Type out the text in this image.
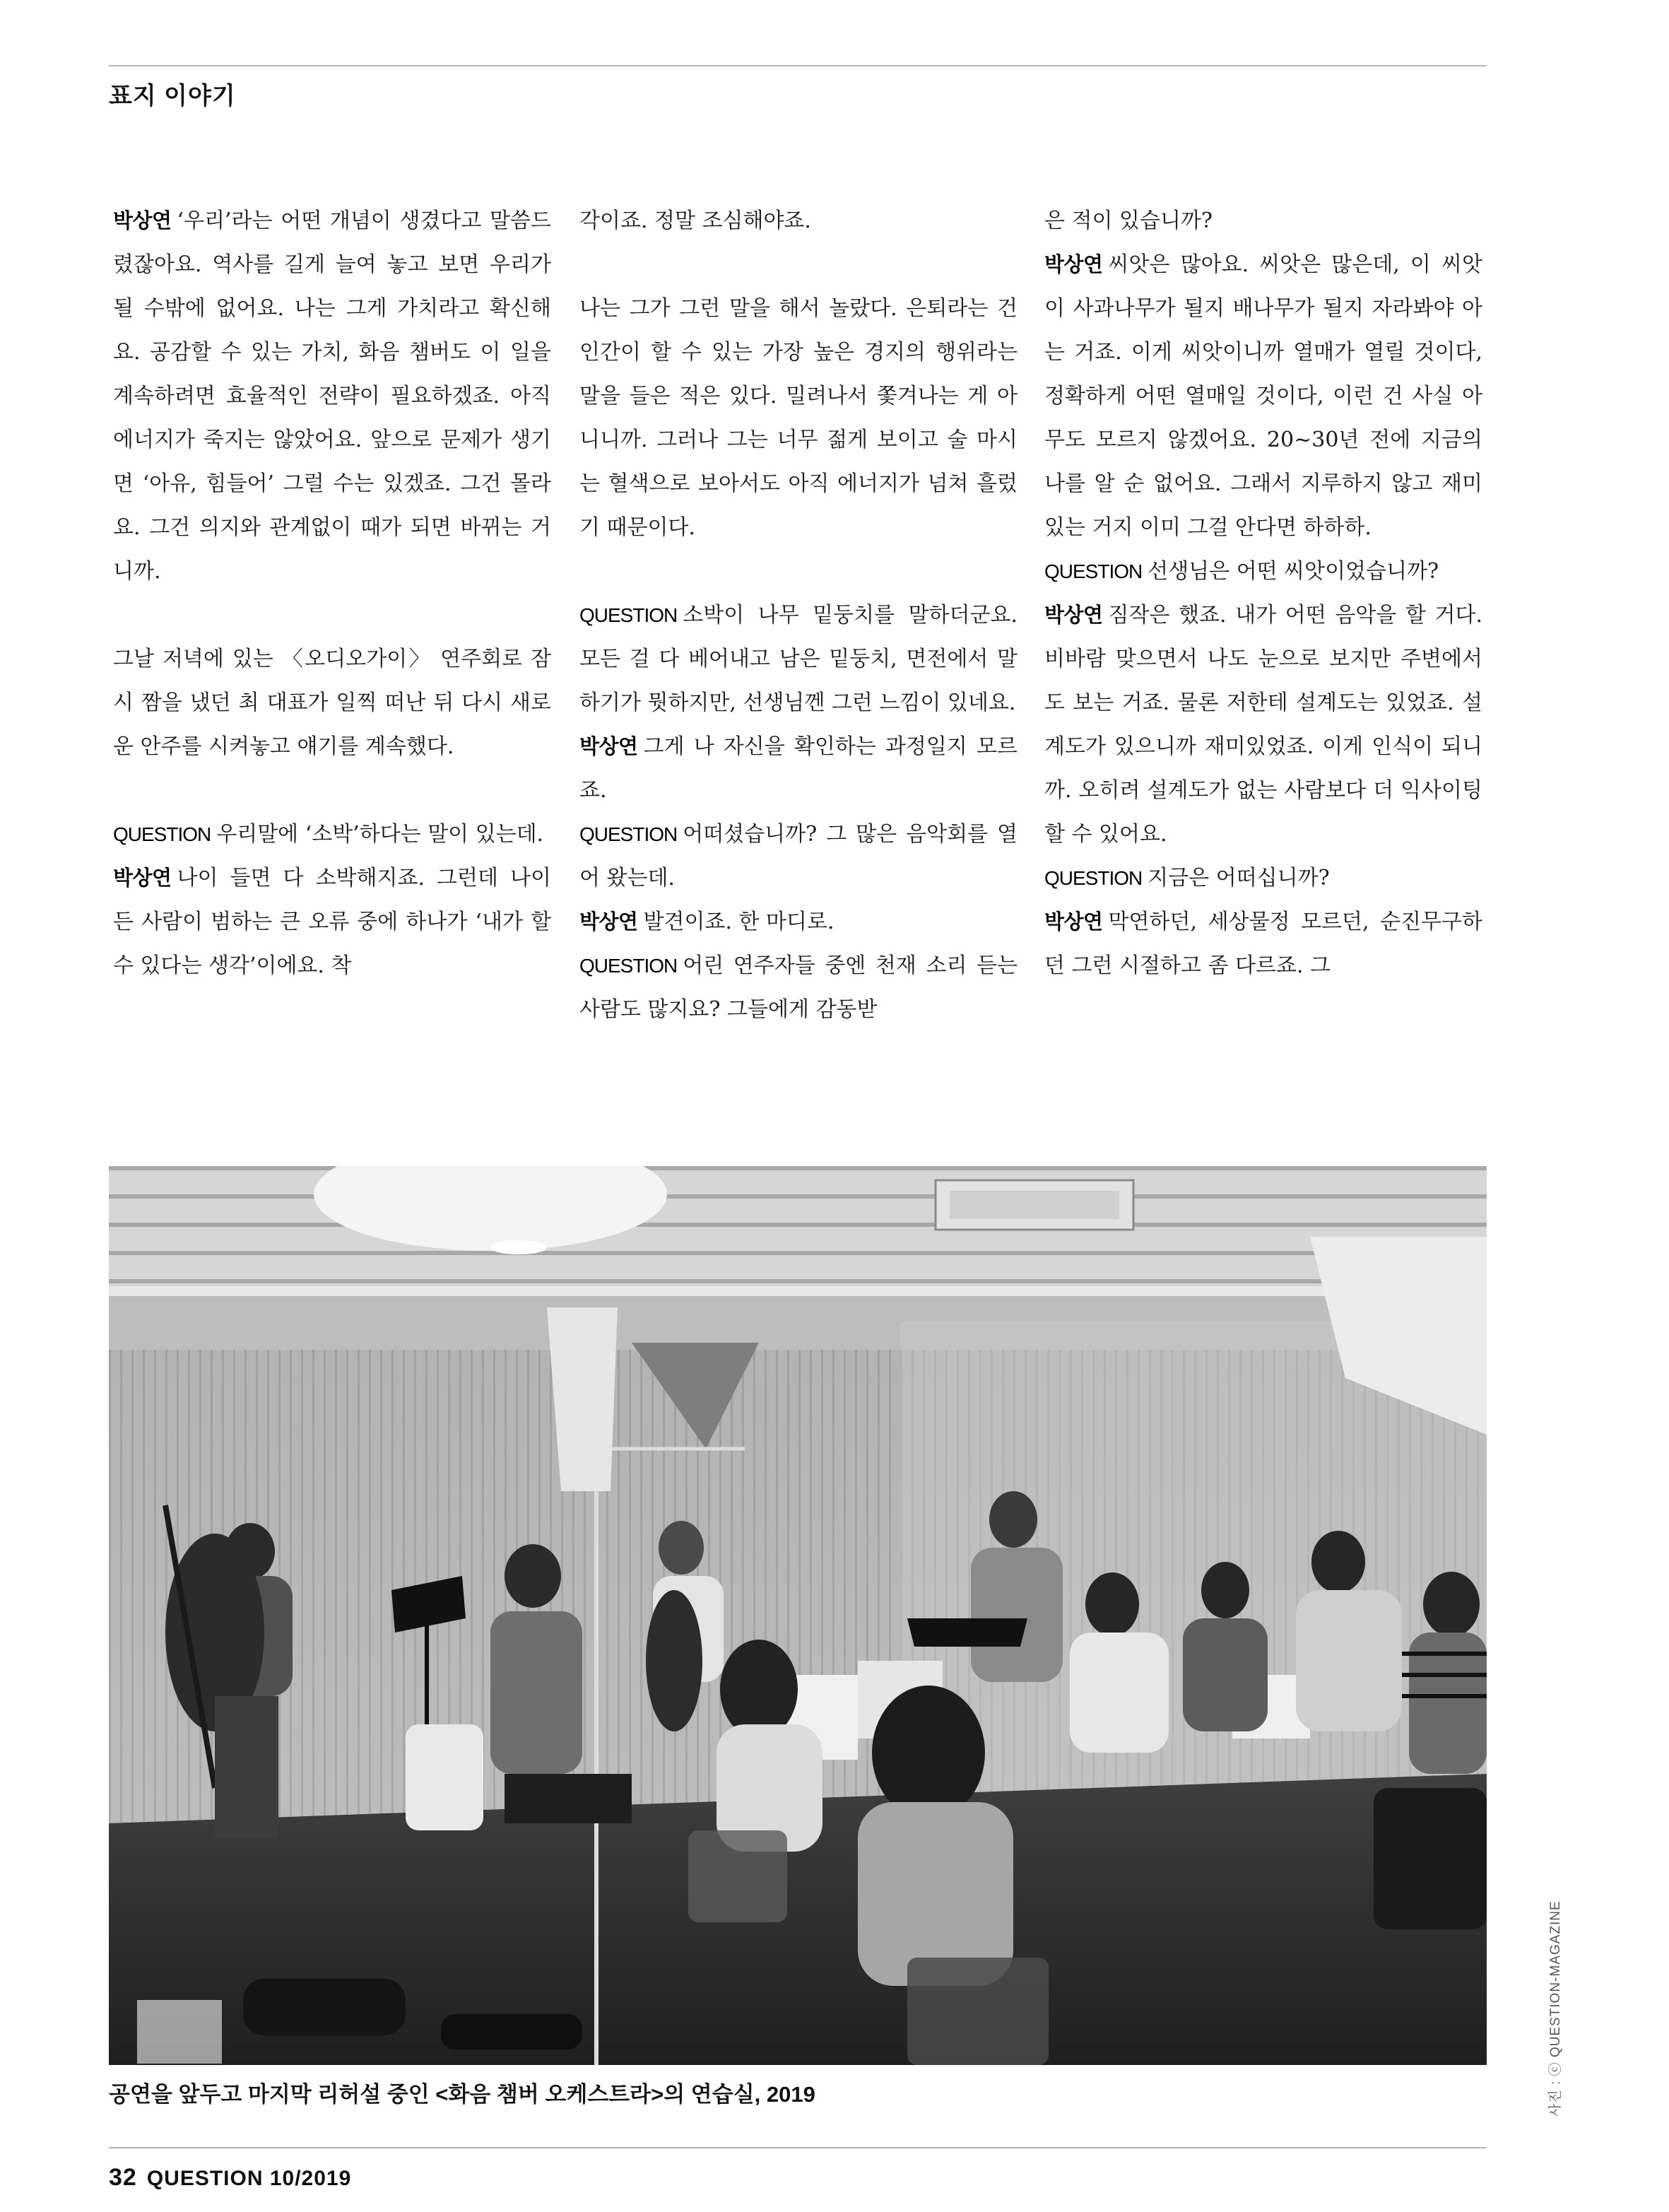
표지 이야기

박상연 ‘우리’라는 어떤 개념이 생겼다고 말씀드렸잖아요. 역사를 길게 늘여 놓고 보면 우리가 될 수밖에 없어요. 나는 그게 가치라고 확신해요. 공감할 수 있는 가치, 화음 챔버도 이 일을 계속하려면 효율적인 전략이 필요하겠죠. 아직 에너지가 죽지는 않았어요. 앞으로 문제가 생기면 ‘아유, 힘들어’ 그럴 수는 있겠죠. 그건 몰라요. 그건 의지와 관계없이 때가 되면 바뀌는 거니까.

그날 저녁에 있는 〈오디오가이〉 연주회로 잠시 짬을 냈던 최 대표가 일찍 떠난 뒤 다시 새로운 안주를 시켜놓고 얘기를 계속했다.

QUESTION 우리말에 ‘소박’하다는 말이 있는데.

박상연 나이 들면 다 소박해지죠. 그런데 나이 든 사람이 범하는 큰 오류 중에 하나가 ‘내가 할 수 있다는 생각’이에요. 착

각이죠. 정말 조심해야죠.

나는 그가 그런 말을 해서 놀랐다. 은퇴라는 건 인간이 할 수 있는 가장 높은 경지의 행위라는 말을 들은 적은 있다. 밀려나서 쫓겨나는 게 아니니까. 그러나 그는 너무 젊게 보이고 술 마시는 혈색으로 보아서도 아직 에너지가 넘쳐 흘렀기 때문이다.

QUESTION 소박이 나무 밑둥치를 말하더군요. 모든 걸 다 베어내고 남은 밑둥치, 면전에서 말하기가 뭣하지만, 선생님껜 그런 느낌이 있네요.

박상연 그게 나 자신을 확인하는 과정일지 모르죠.

QUESTION 어떠셨습니까? 그 많은 음악회를 열어 왔는데.

박상연 발견이죠. 한 마디로.

QUESTION 어린 연주자들 중엔 천재 소리 듣는 사람도 많지요? 그들에게 감동받

은 적이 있습니까?

박상연 씨앗은 많아요. 씨앗은 많은데, 이 씨앗이 사과나무가 될지 배나무가 될지 자라봐야 아는 거죠. 이게 씨앗이니까 열매가 열릴 것이다, 정확하게 어떤 열매일 것이다, 이런 건 사실 아무도 모르지 않겠어요. 20~30년 전에 지금의 나를 알 순 없어요. 그래서 지루하지 않고 재미있는 거지 이미 그걸 안다면 하하하.

QUESTION 선생님은 어떤 씨앗이었습니까?

박상연 짐작은 했죠. 내가 어떤 음악을 할 거다. 비바람 맞으면서 나도 눈으로 보지만 주변에서도 보는 거죠. 물론 저한테 설계도는 있었죠. 설계도가 있으니까 재미있었죠. 이게 인식이 되니까. 오히려 설계도가 없는 사람보다 더 익사이팅 할 수 있어요.

QUESTION 지금은 어떠십니까?

박상연 막연하던, 세상물정 모르던, 순진무구하던 그런 시절하고 좀 다르죠. 그

공연을 앞두고 마지막 리허설 중인 <화음 챔버 오케스트라>의 연습실, 2019	사진 : ⓒ QUESTION-MAGAZINE
32 QUESTION 10/2019
